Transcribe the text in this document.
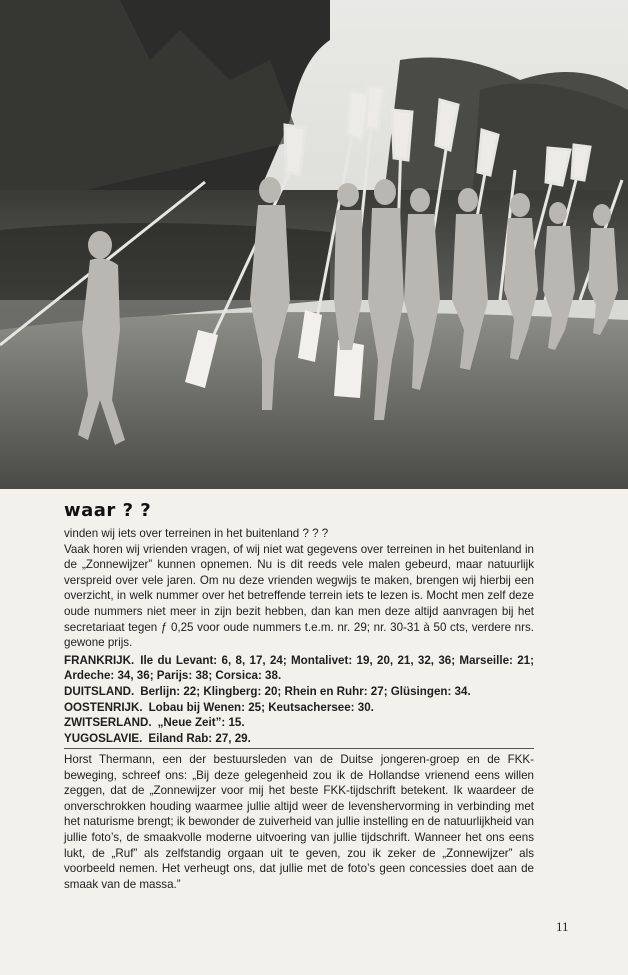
waar ? ?

vinden wij iets over terreinen in het buitenland ? ? ?

Vaak horen wij vrienden vragen, of wij niet wat gegevens over terreinen in het buitenland in de „Zonnewijzer” kunnen opnemen. Nu is dit reeds vele malen gebeurd, maar natuurlijk verspreid over vele jaren. Om nu deze vrienden wegwijs te maken, brengen wij hierbij een overzicht, in welk nummer over het betreffende terrein iets te lezen is. Mocht men zelf deze oude nummers niet meer in zijn bezit hebben, dan kan men deze altijd aanvragen bij het secretariaat tegen ƒ 0,25 voor oude nummers t.e.m. nr. 29; nr. 30-31 à 50 cts, verdere nrs. gewone prijs.

FRANKRIJK. Ile du Levant: 6, 8, 17, 24; Montalivet: 19, 20, 21, 32, 36; Marseille: 21; Ardeche: 34, 36; Parijs: 38; Corsica: 38.

DUITSLAND. Berlijn: 22; Klingberg: 20; Rhein en Ruhr: 27; Glüsingen: 34.

OOSTENRIJK. Lobau bij Wenen: 25; Keutsachersee: 30.

ZWITSERLAND. „Neue Zeit”: 15.

YUGOSLAVIE. Eiland Rab: 27, 29.

Horst Thermann, een der bestuursleden van de Duitse jongeren-groep en de FKK-beweging, schreef ons: „Bij deze gelegenheid zou ik de Hollandse vrienend eens willen zeggen, dat de „Zonnewijzer voor mij het beste FKK-tijdschrift betekent. Ik waardeer de onverschrokken houding waarmee jullie altijd weer de levenshervorming in verbinding met het naturisme brengt; ik bewonder de zuiverheid van jullie instelling en de natuurlijkheid van jullie foto’s, de smaakvolle moderne uitvoering van jullie tijdschrift. Wanneer het ons eens lukt, de „Ruf” als zelfstandig orgaan uit te geven, zou ik zeker de „Zonnewijzer” als voorbeeld nemen. Het verheugt ons, dat jullie met de foto’s geen concessies doet aan de smaak van de massa.”

11
